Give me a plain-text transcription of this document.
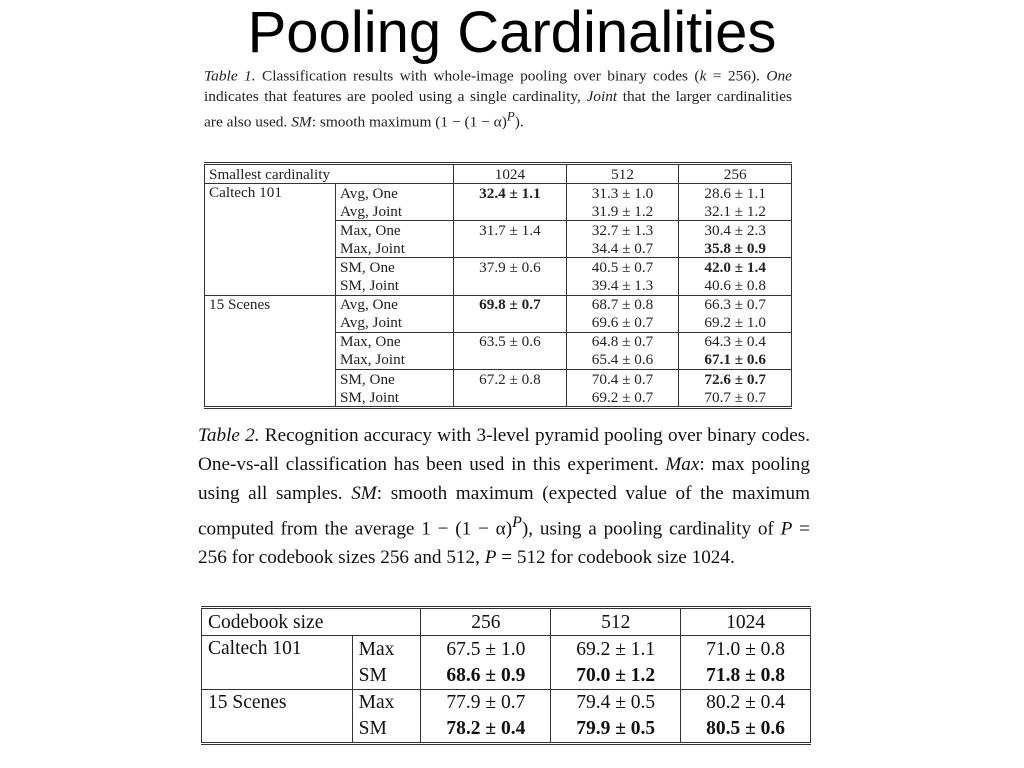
Pooling Cardinalities
Table 1. Classification results with whole-image pooling over binary codes (k = 256). One indicates that features are pooled using a single cardinality, Joint that the larger cardinalities are also used. SM: smooth maximum $(1 - (1 - \alpha)^P)$.
Smallest cardinality		1024	512	256
Caltech 101	Avg, One	32.4 ± 1.1	31.3 ± 1.0	28.6 ± 1.1
	Avg, Joint		31.9 ± 1.2	32.1 ± 1.2
	Max, One	31.7 ± 1.4	32.7 ± 1.3	30.4 ± 2.3
	Max, Joint		34.4 ± 0.7	35.8 ± 0.9
	SM, One	37.9 ± 0.6	40.5 ± 0.7	42.0 ± 1.4
	SM, Joint		39.4 ± 1.3	40.6 ± 0.8
15 Scenes	Avg, One	69.8 ± 0.7	68.7 ± 0.8	66.3 ± 0.7
	Avg, Joint		69.6 ± 0.7	69.2 ± 1.0
	Max, One	63.5 ± 0.6	64.8 ± 0.7	64.3 ± 0.4
	Max, Joint		65.4 ± 0.6	67.1 ± 0.6
	SM, One	67.2 ± 0.8	70.4 ± 0.7	72.6 ± 0.7
	SM, Joint		69.2 ± 0.7	70.7 ± 0.7
Table 2. Recognition accuracy with 3-level pyramid pooling over binary codes. One-vs-all classification has been used in this experiment. Max: max pooling using all samples. SM: smooth maximum (expected value of the maximum computed from the average $1 - (1 - \alpha)^P$), using a pooling cardinality of P = 256 for codebook sizes 256 and 512, P = 512 for codebook size 1024.
Codebook size		256	512	1024
Caltech 101	Max	67.5 ± 1.0	69.2 ± 1.1	71.0 ± 0.8
	SM	68.6 ± 0.9	70.0 ± 1.2	71.8 ± 0.8
15 Scenes	Max	77.9 ± 0.7	79.4 ± 0.5	80.2 ± 0.4
	SM	78.2 ± 0.4	79.9 ± 0.5	80.5 ± 0.6
